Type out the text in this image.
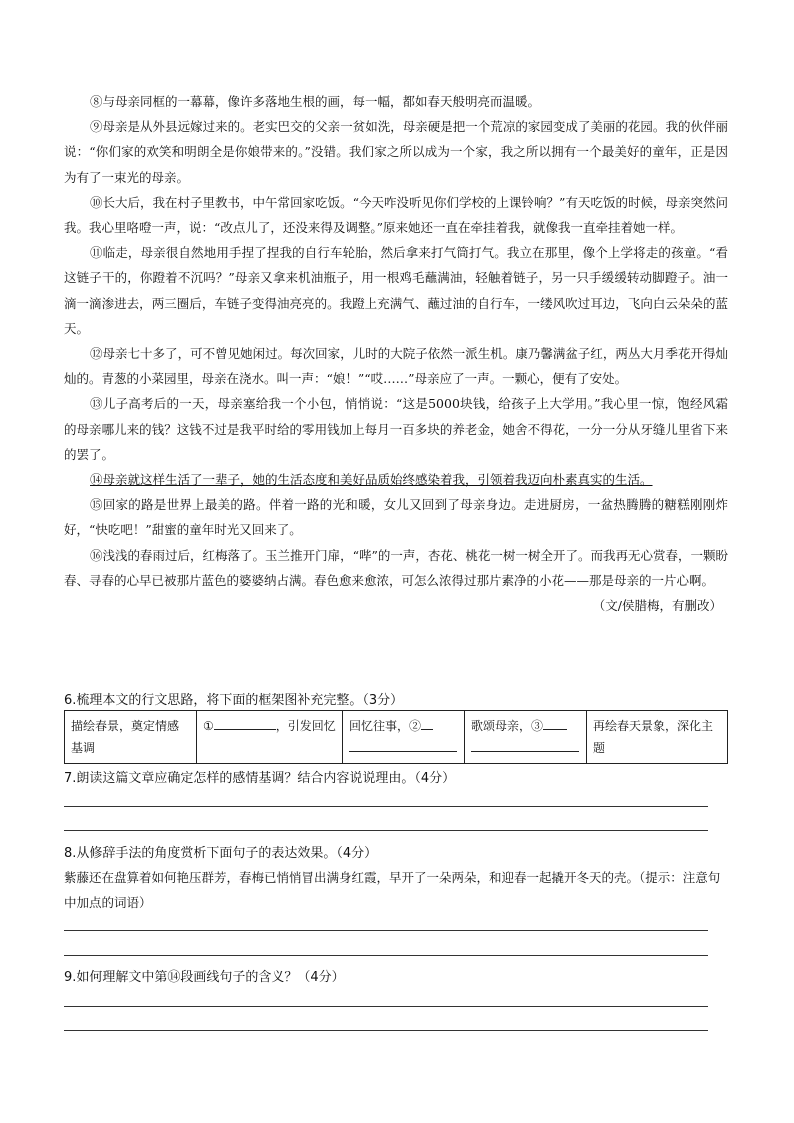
⑧与母亲同框的一幕幕，像许多落地生根的画，每一幅，都如春天般明亮而温暖。

⑨母亲是从外县远嫁过来的。老实巴交的父亲一贫如洗，母亲硬是把一个荒凉的家园变成了美丽的花园。我的伙伴丽说：“你们家的欢笑和明朗全是你娘带来的。”没错。我们家之所以成为一个家，我之所以拥有一个最美好的童年，正是因为有了一束光的母亲。

⑩长大后，我在村子里教书，中午常回家吃饭。“今天咋没听见你们学校的上课铃响？”有天吃饭的时候，母亲突然问我。我心里咯噔一声，说：“改点儿了，还没来得及调整。”原来她还一直在牵挂着我，就像我一直牵挂着她一样。

⑪临走，母亲很自然地用手捏了捏我的自行车轮胎，然后拿来打气筒打气。我立在那里，像个上学将走的孩童。“看这链子干的，你蹬着不沉吗？”母亲又拿来机油瓶子，用一根鸡毛蘸满油，轻触着链子，另一只手缓缓转动脚蹬子。油一滴一滴渗进去，两三圈后，车链子变得油亮亮的。我蹬上充满气、蘸过油的自行车，一缕风吹过耳边，飞向白云朵朵的蓝天。

⑫母亲七十多了，可不曾见她闲过。每次回家，儿时的大院子依然一派生机。康乃馨满盆子红，两丛大月季花开得灿灿的。青葱的小菜园里，母亲在浇水。叫一声：“娘！”“哎……”母亲应了一声。一颗心，便有了安处。

⑬儿子高考后的一天，母亲塞给我一个小包，悄悄说：“这是5000块钱，给孩子上大学用。”我心里一惊，饱经风霜的母亲哪儿来的钱？这钱不过是我平时给的零用钱加上每月一百多块的养老金，她舍不得花，一分一分从牙缝儿里省下来的罢了。

⑭母亲就这样生活了一辈子，她的生活态度和美好品质始终感染着我，引领着我迈向朴素真实的生活。

⑮回家的路是世界上最美的路。伴着一路的光和暖，女儿又回到了母亲身边。走进厨房，一盆热腾腾的糖糕刚刚炸好，“快吃吧！”甜蜜的童年时光又回来了。

⑯浅浅的春雨过后，红梅落了。玉兰推开门扉，“哔”的一声，杏花、桃花一树一树全开了。而我再无心赏春，一颗盼春、寻春的心早已被那片蓝色的婆婆纳占满。春色愈来愈浓，可怎么浓得过那片素净的小花——那是母亲的一片心啊。

（文/侯腊梅，有删改）

6.梳理本文的行文思路，将下面的框架图补充完整。（3分）
描绘春景，奠定情感基调	①	，引发回忆	回忆往事，②	歌颂母亲，③	再绘春天景象，深化主题
7.朗读这篇文章应确定怎样的感情基调？结合内容说说理由。（4分）
8.从修辞手法的角度赏析下面句子的表达效果。（4分）
紫藤还在盘算着如何艳压群芳，春梅已悄悄冒出满身红霞，早开了一朵两朵，和迎春一起撬开冬天的壳。（提示：注意句中加点的词语）
9.如何理解文中第⑭段画线句子的含义？（4分）
